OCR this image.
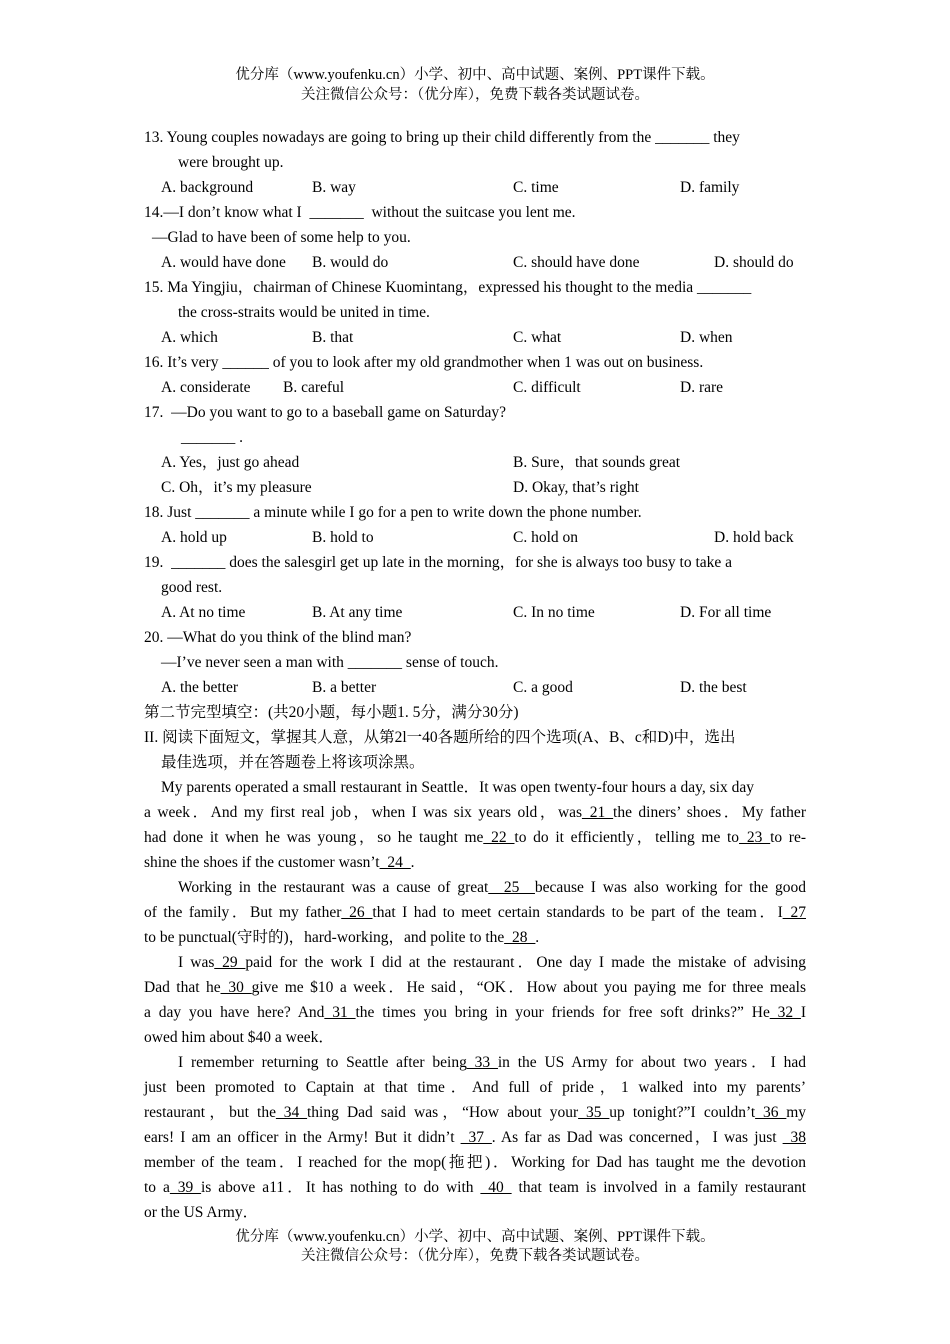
优分库（www.youfenku.cn）小学、初中、高中试题、案例、PPT课件下载。
关注微信公众号：（优分库），免费下载各类试题试卷。
13. Young couples nowadays are going to bring up their child differently from the _______ they
were brought up.
A. background	B. way	C. time	D. family
14.—I don’t know what I  _______  without the suitcase you lent me.
—Glad to have been of some help to you.
A. would have done B. would do	C. should have done	D. should do
15. Ma Yingjiu，chairman of Chinese Kuomintang，expressed his thought to the media _______
the cross-straits would be united in time.
A. which	B. that	C. what	D. when
16. It’s very ______ of you to look after my old grandmother when 1 was out on business.
A. considerate B. careful	C. difficult	D. rare
17.  —Do you want to go to a baseball game on Saturday?
_______ .
A. Yes，just go ahead	B. Sure，that sounds great
C. Oh，it’s my pleasure	D. Okay, that’s right
18. Just _______ a minute while I go for a pen to write down the phone number.
A. hold up	B. hold to	C. hold on	D. hold back
19.  _______ does the salesgirl get up late in the morning，for she is always too busy to take a
good rest.
A. At no time	B. At any time	C. In no time	D. For all time
20. —What do you think of the blind man?
—I’ve never seen a man with _______ sense of touch.
A. the better	B. a better	C. a good	D. the best
第二节完型填空：(共20小题，每小题1. 5分，满分30分)
II. 阅读下面短文，掌握其人意，从第2l一40各题所给的四个选项(A、B、c和D)中，选出
最佳选项，并在答题卷上将该项涂黑。
My parents operated a small restaurant in Seattle．It was open twenty-four hours a day, six day
a week．And my first real job，when I was six years old，was_21_the diners’ shoes．My father
had done it when he was young，so he taught me_22_to do it efficiently，telling me to_23_to re-
shine the shoes if the customer wasn’t_24_.
Working in the restaurant was a cause of great__25__because I was also working for the good
of the family．But my father_26_that I had to meet certain standards to be part of the team．I_27
to be punctual(守时的)，hard-working，and polite to the_28_.
I was_29_paid for the work I did at the restaurant．One day I made the mistake of advising
Dad that he_30_give me $10 a week．He said，“OK．How about you paying me for three meals
a day you have here? And_31_the times you bring in your friends for free soft drinks?” He_32_I
owed him about $40 a week．
I remember returning to Seattle after being_33_in the US Army for about two years．I had
just been promoted to Captain at that time．And full of pride，1 walked into my parents’
restaurant，but the_34_thing Dad said was，“How about your_35_up tonight?”I couldn’t_36_my
ears! I am an officer in the Army! But it didn’t _37_. As far as Dad was concerned，I was just _38
member of the team．I reached for the mop(拖把)．Working for Dad has taught me the devotion
to a_39_is above a11．It has nothing to do with _40_ that team is involved in a family restaurant
or the US Army．
优分库（www.youfenku.cn）小学、初中、高中试题、案例、PPT课件下载。
关注微信公众号：（优分库），免费下载各类试题试卷。
